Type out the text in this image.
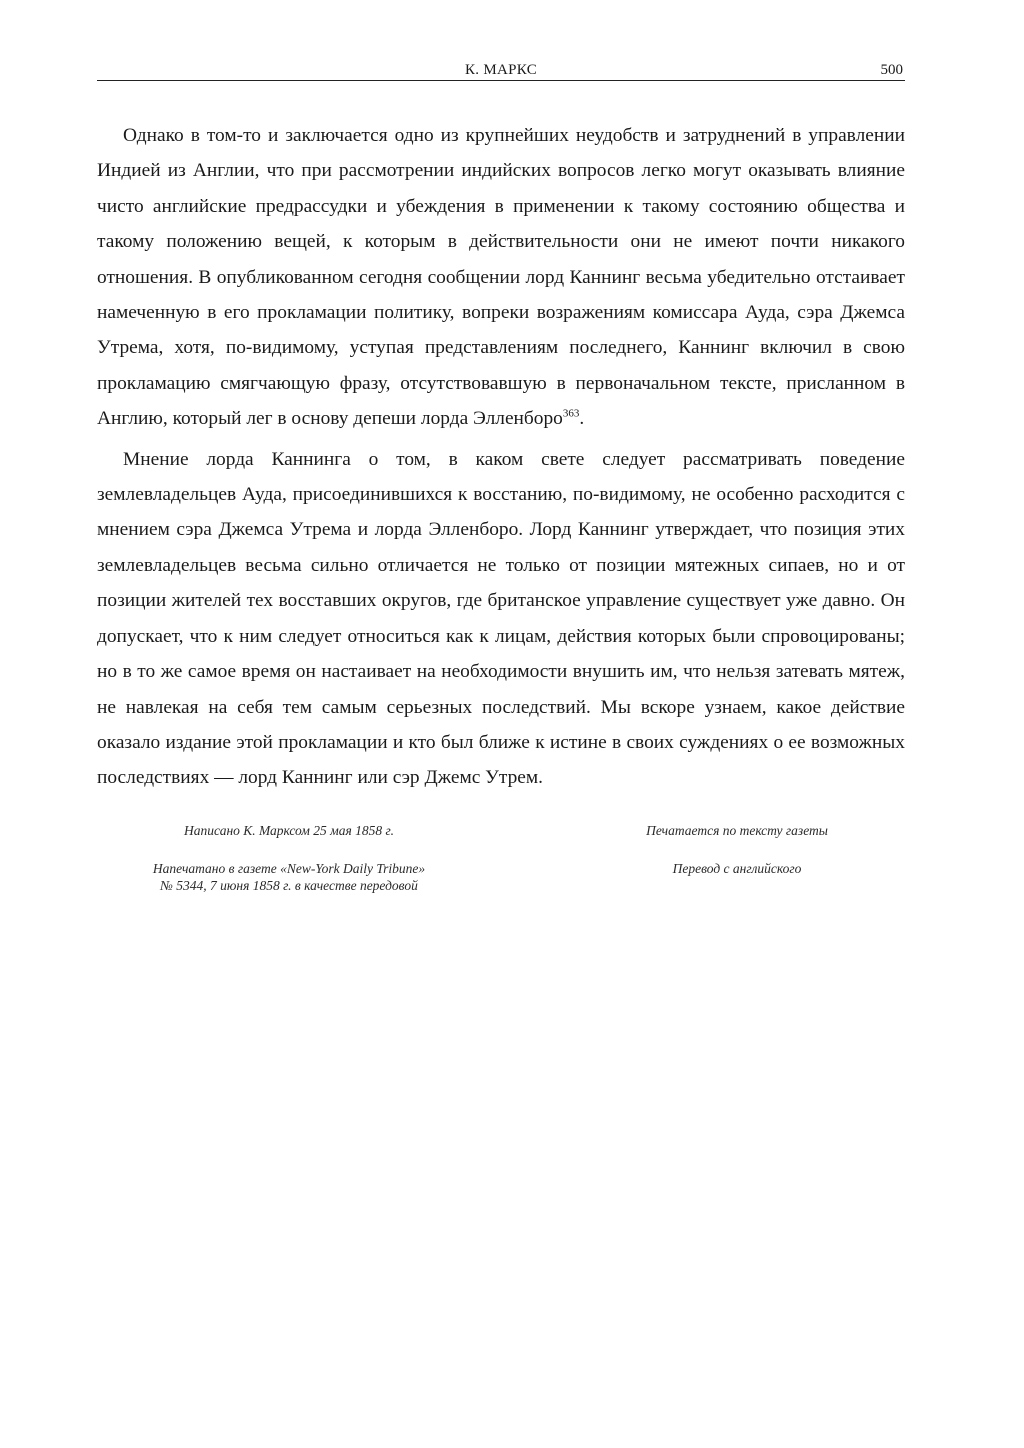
К. МАРКС	500

Однако в том-то и заключается одно из крупнейших неудобств и затруднений в управлении Индией из Англии, что при рассмотрении индийских вопросов легко могут оказывать влияние чисто английские предрассудки и убеждения в применении к такому состоянию общества и такому положению вещей, к которым в действительности они не имеют почти никакого отношения. В опубликованном сегодня сообщении лорд Каннинг весьма убедительно отстаивает намеченную в его прокламации политику, вопреки возражениям комиссара Ауда, сэра Джемса Утрема, хотя, по-видимому, уступая представлениям последнего, Каннинг включил в свою прокламацию смягчающую фразу, отсутствовавшую в первоначальном тексте, присланном в Англию, который лег в основу депеши лорда Элленборо$^{363}$.

Мнение лорда Каннинга о том, в каком свете следует рассматривать поведение землевладельцев Ауда, присоединившихся к восстанию, по-видимому, не особенно расходится с мнением сэра Джемса Утрема и лорда Элленборо. Лорд Каннинг утверждает, что позиция этих землевладельцев весьма сильно отличается не только от позиции мятежных сипаев, но и от позиции жителей тех восставших округов, где британское управление существует уже давно. Он допускает, что к ним следует относиться как к лицам, действия которых были спровоцированы; но в то же самое время он настаивает на необходимости внушить им, что нельзя затевать мятеж, не навлекая на себя тем самым серьезных последствий. Мы вскоре узнаем, какое действие оказало издание этой прокламации и кто был ближе к истине в своих суждениях о ее возможных последствиях — лорд Каннинг или сэр Джемс Утрем.

Написано К. Марксом 25 мая 1858 г.
Напечатано в газете «New-York Daily Tribune»
№ 5344, 7 июня 1858 г. в качестве передовой
Печатается по тексту газеты
Перевод с английского
